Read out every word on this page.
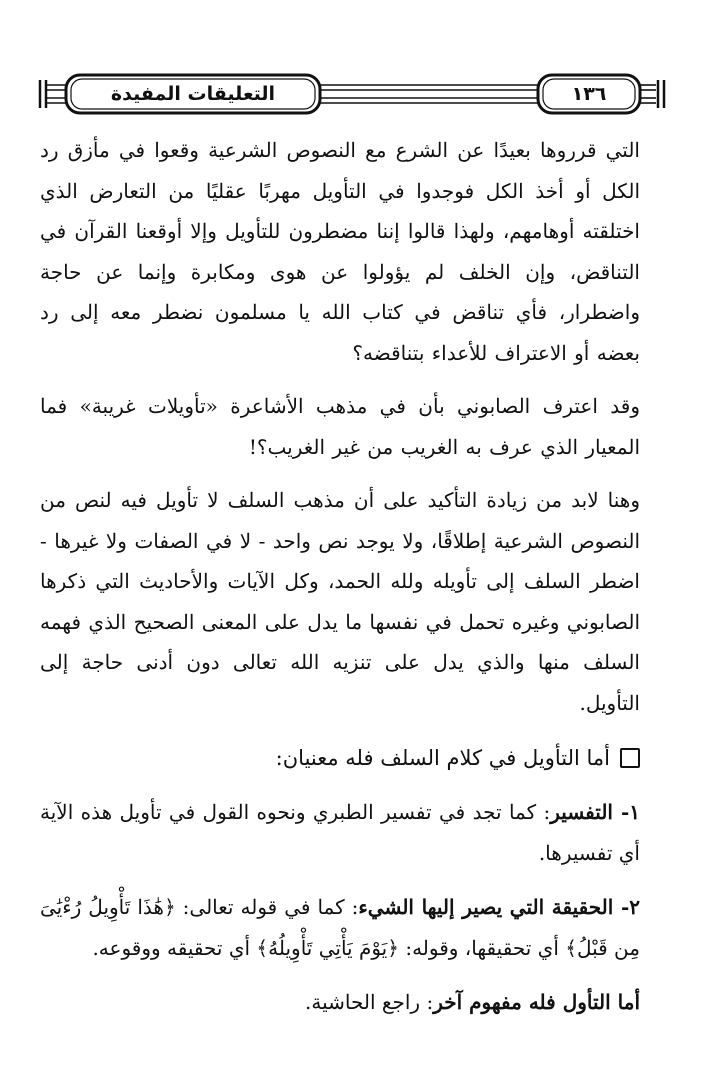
التعليقات المفيدة	١٣٦

التي قرروها بعيدًا عن الشرع مع النصوص الشرعية وقعوا في مأزق رد الكل أو أخذ الكل فوجدوا في التأويل مهربًا عقليًا من التعارض الذي اختلقته أوهامهم، ولهذا قالوا إننا مضطرون للتأويل وإلا أوقعنا القرآن في التناقض، وإن الخلف لم يؤولوا عن هوى ومكابرة وإنما عن حاجة واضطرار، فأي تناقض في كتاب الله يا مسلمون نضطر معه إلى رد بعضه أو الاعتراف للأعداء بتناقضه؟

وقد اعترف الصابوني بأن في مذهب الأشاعرة «تأويلات غريبة» فما المعيار الذي عرف به الغريب من غير الغريب؟!

وهنا لابد من زيادة التأكيد على أن مذهب السلف لا تأويل فيه لنص من النصوص الشرعية إطلاقًا، ولا يوجد نص واحد - لا في الصفات ولا غيرها - اضطر السلف إلى تأويله ولله الحمد، وكل الآيات والأحاديث التي ذكرها الصابوني وغيره تحمل في نفسها ما يدل على المعنى الصحيح الذي فهمه السلف منها والذي يدل على تنزيه الله تعالى دون أدنى حاجة إلى التأويل.

أما التأويل في كلام السلف فله معنيان:

١- التفسير: كما تجد في تفسير الطبري ونحوه القول في تأويل هذه الآية أي تفسيرها.

٢- الحقيقة التي يصير إليها الشيء: كما في قوله تعالى: ﴿هَٰذَا تَأْوِيلُ رُءْيَٰىَ مِن قَبْلُ﴾ أي تحقيقها، وقوله: ﴿يَوْمَ يَأْتِي تَأْوِيلُهُ﴾ أي تحقيقه ووقوعه.

أما التأول فله مفهوم آخر: راجع الحاشية.
